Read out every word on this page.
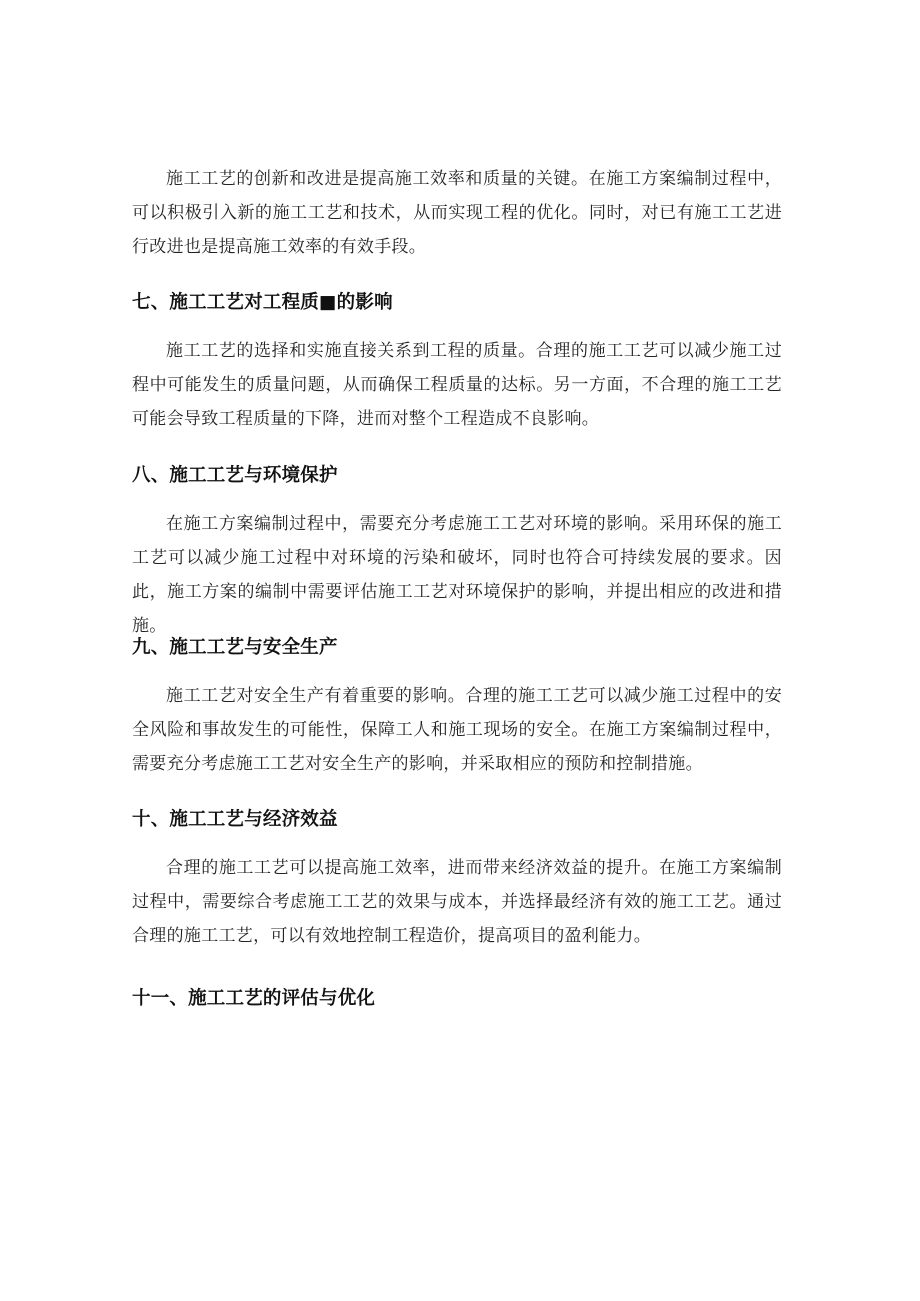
施工工艺的创新和改进是提高施工效率和质量的关键。在施工方案编制过程中，可以积极引入新的施工工艺和技术，从而实现工程的优化。同时，对已有施工工艺进行改进也是提高施工效率的有效手段。

七、施工工艺对工程质■的影响

施工工艺的选择和实施直接关系到工程的质量。合理的施工工艺可以减少施工过程中可能发生的质量问题，从而确保工程质量的达标。另一方面，不合理的施工工艺可能会导致工程质量的下降，进而对整个工程造成不良影响。

八、施工工艺与环境保护

在施工方案编制过程中，需要充分考虑施工工艺对环境的影响。采用环保的施工工艺可以减少施工过程中对环境的污染和破坏，同时也符合可持续发展的要求。因此，施工方案的编制中需要评估施工工艺对环境保护的影响，并提出相应的改进和措施。

九、施工工艺与安全生产

施工工艺对安全生产有着重要的影响。合理的施工工艺可以减少施工过程中的安全风险和事故发生的可能性，保障工人和施工现场的安全。在施工方案编制过程中，需要充分考虑施工工艺对安全生产的影响，并采取相应的预防和控制措施。

十、施工工艺与经济效益

合理的施工工艺可以提高施工效率，进而带来经济效益的提升。在施工方案编制过程中，需要综合考虑施工工艺的效果与成本，并选择最经济有效的施工工艺。通过合理的施工工艺，可以有效地控制工程造价，提高项目的盈利能力。

十一、施工工艺的评估与优化
